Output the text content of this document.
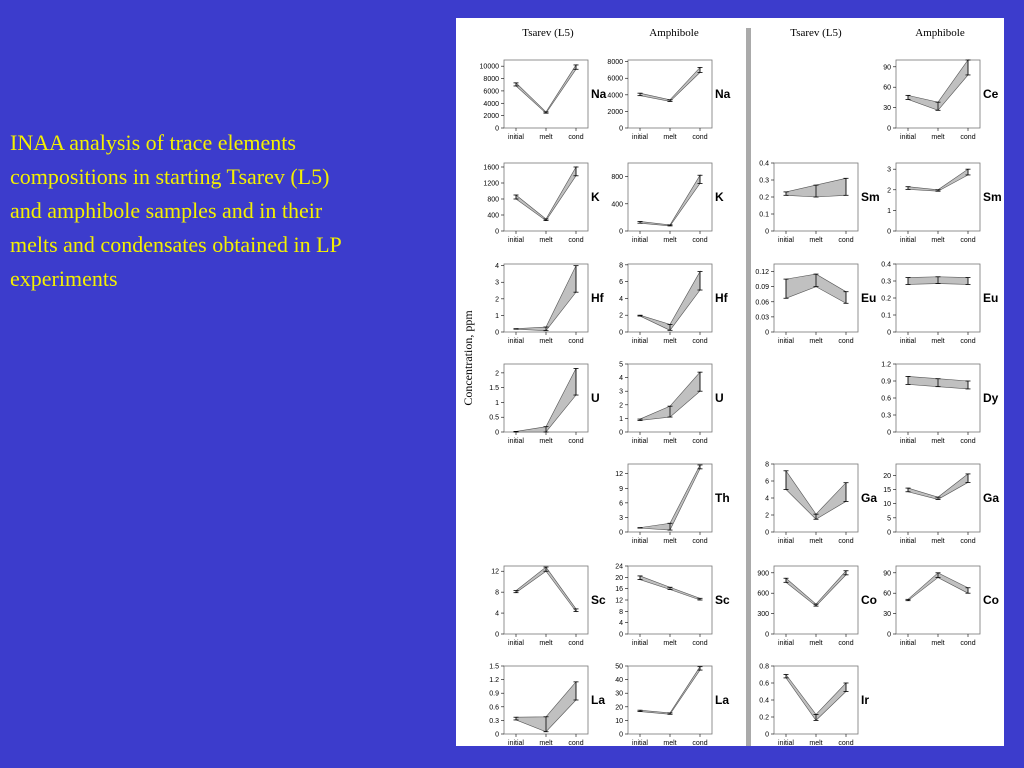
INAA analysis of trace elements
compositions in starting Tsarev (L5)
and amphibole samples and in their
melts and condensates obtained in LP
experiments
Tsarev (L5)	Amphibole	Tsarev (L5)	Amphibole
Concentration, ppm
0
2000
4000
6000
8000
10000
initial melt cond
Na
0
2000
4000
6000
8000
initial melt cond
Na
0
30
60
90
initial melt cond
Ce
0
400
800
1200
1600
initial melt cond
K
0
400
800
initial melt cond
K
0
0.1
0.2
0.3
0.4
initial melt cond
Sm
0
1
2
3
initial melt cond
Sm
0
1
2
3
4
initial melt cond
Hf
0
2
4
6
8
initial melt cond
Hf
0
0.03
0.06
0.09
0.12
initial melt cond
Eu
0
0.1
0.2
0.3
0.4
initial melt cond
Eu
0
0.5
1
1.5
2
initial melt cond
U
0
1
2
3
4
5
initial melt cond
U
0
0.3
0.6
0.9
1.2
initial melt cond
Dy
0
3
6
9
12
initial melt cond
Th
0
2
4
6
8
initial melt cond
Ga
0
5
10
15
20
initial melt cond
Ga
0
4
8
12
initial melt cond
Sc
0
4
8
12
16
20
24
initial melt cond
Sc
0
300
600
900
initial melt cond
Co
0
30
60
90
initial melt cond
Co
0
0.3
0.6
0.9
1.2
1.5
initial melt cond
La
0
10
20
30
40
50
initial melt cond
La
0
0.2
0.4
0.6
0.8
initial melt cond
Ir
